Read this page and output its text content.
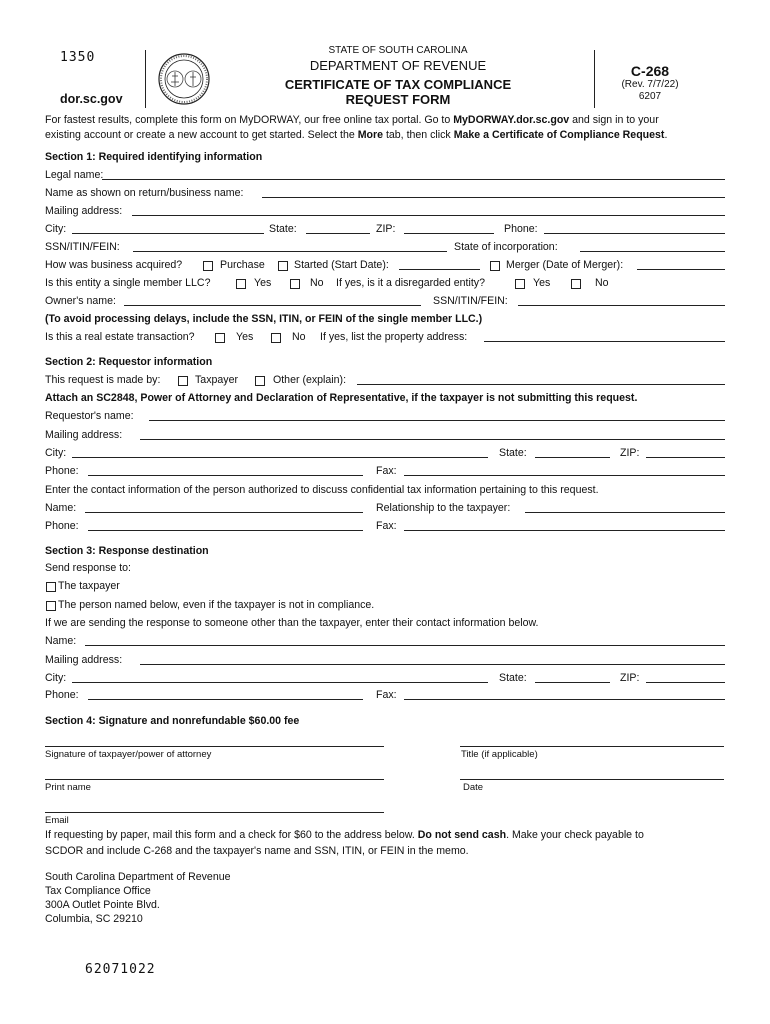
1350
dor.sc.gov
STATE OF SOUTH CAROLINA
DEPARTMENT OF REVENUE
CERTIFICATE OF TAX COMPLIANCE
REQUEST FORM
C-268
(Rev. 7/7/22)
6207
For fastest results, complete this form on MyDORWAY, our free online tax portal. Go to MyDORWAY.dor.sc.gov and sign in to your
existing account or create a new account to get started. Select the More tab, then click Make a Certificate of Compliance Request.
Section 1: Required identifying information
Legal name:
Name as shown on return/business name:
Mailing address:
City:	State:	ZIP:	Phone:
SSN/ITIN/FEIN:	State of incorporation:
How was business acquired?	Purchase	Started (Start Date):	Merger (Date of Merger):
Is this entity a single member LLC?	Yes	No If yes, is it a disregarded entity?	Yes	No
Owner's name:	SSN/ITIN/FEIN:
(To avoid processing delays, include the SSN, ITIN, or FEIN of the single member LLC.)
Is this a real estate transaction?	Yes	No If yes, list the property address:
Section 2: Requestor information
This request is made by:	Taxpayer	Other (explain):
Attach an SC2848, Power of Attorney and Declaration of Representative, if the taxpayer is not submitting this request.
Requestor's name:
Mailing address:
City:	State:	ZIP:
Phone:	Fax:
Enter the contact information of the person authorized to discuss confidential tax information pertaining to this request.
Name:	Relationship to the taxpayer:
Phone:	Fax:
Section 3: Response destination
Send response to:
The taxpayer
The person named below, even if the taxpayer is not in compliance.
If we are sending the response to someone other than the taxpayer, enter their contact information below.
Name:
Mailing address:
City:	State:	ZIP:
Phone:	Fax:
Section 4: Signature and nonrefundable $60.00 fee
Signature of taxpayer/power of attorney	Title (if applicable)
Print name	Date
Email
If requesting by paper, mail this form and a check for $60 to the address below. Do not send cash. Make your check payable to
SCDOR and include C-268 and the taxpayer's name and SSN, ITIN, or FEIN in the memo.
South Carolina Department of Revenue
Tax Compliance Office
300A Outlet Pointe Blvd.
Columbia, SC 29210
62071022
